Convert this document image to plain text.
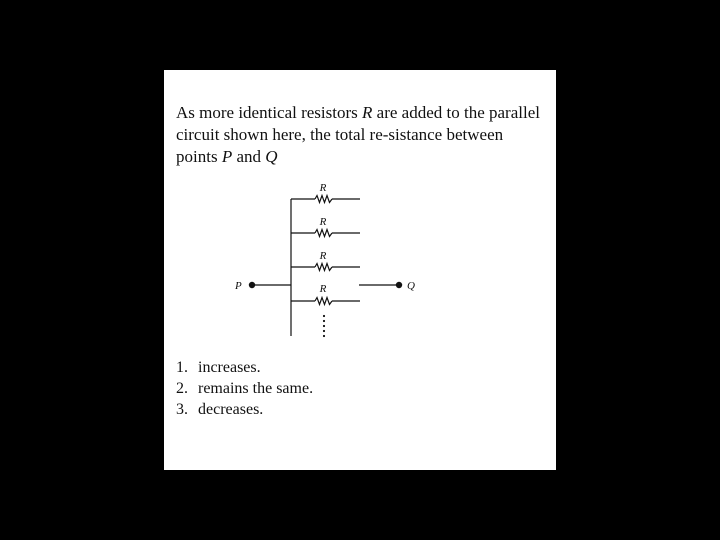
As more identical resistors R are added to the parallel circuit shown here, the total re-sistance between points P and Q

R
R
R
R
P	Q
1. increases.
2. remains the same.
3. decreases.
